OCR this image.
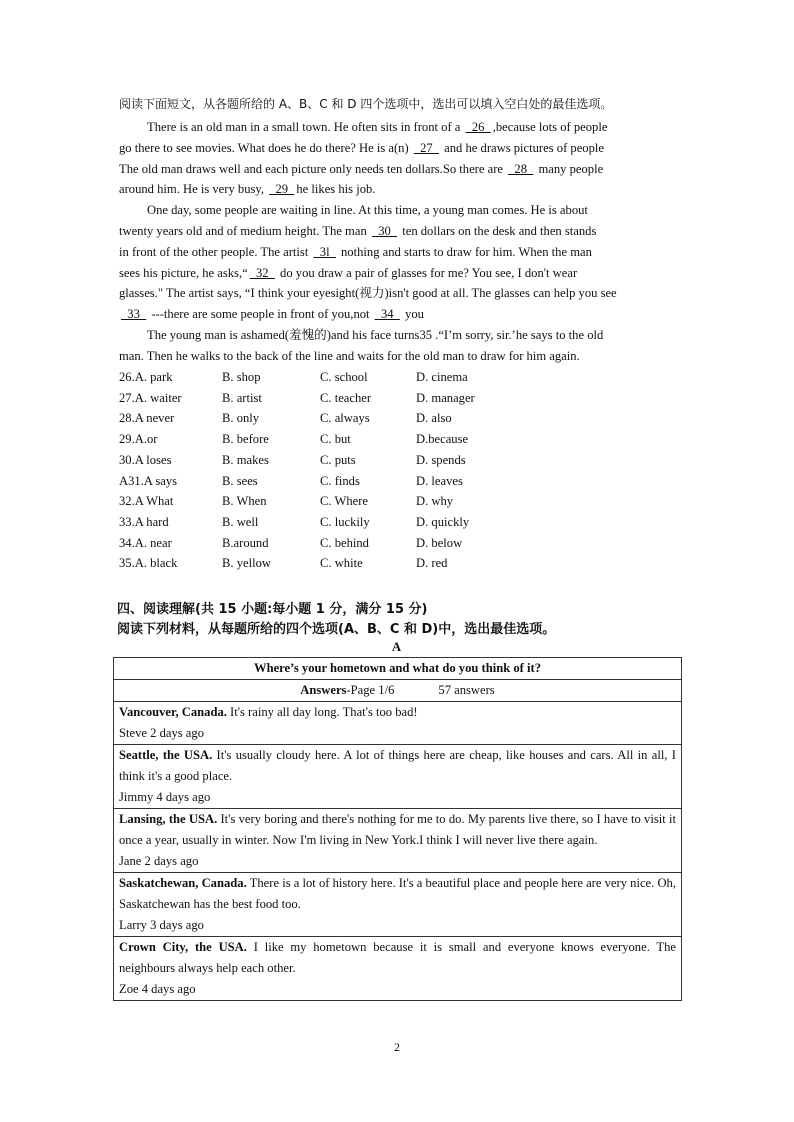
阅读下面短文，从各题所给的 A、B、C 和 D 四个选项中，选出可以填入空白处的最佳选项。
There is an old man in a small town. He often sits in front of a   26  ,because lots of people
go there to see movies. What does he do there? He is a(n)   27   and he draws pictures of people
The old man draws well and each picture only needs ten dollars.So there are   28   many people
around him. He is very busy,   29  he likes his job.
One day, some people are waiting in line. At this time, a young man comes. He is about
twenty years old and of medium height. The man   30   ten dollars on the desk and then stands
in front of the other people. The artist   3l   nothing and starts to draw for him. When the man
sees his picture, he asks,“  32   do you draw a pair of glasses for me? You see, I don't wear
glasses." The artist says, “I think your eyesight(视力)isn't good at all. The glasses can help you see
33   ---there are some people in front of you,not   34   you
The young man is ashamed(羞愧的)and his face turns35 .“I’m sorry, sir.’he says to the old
man. Then he walks to the back of the line and waits for the old man to draw for him again.
26.A. park	B. shop	C. school	D. cinema
27.A. waiter	B. artist	C. teacher	D. manager
28.A never	B. only	C. always	D. also
29.A.or	B. before	C. but	D.because
30.A loses	B. makes	C. puts	D. spends
A31.A says	B. sees	C. finds	D. leaves
32.A What	B. When	C. Where	D. why
33.A hard	B. well	C. luckily	D. quickly
34.A. near	B.around	C. behind	D. below
35.A. black	B. yellow	C. white	D. red
四、阅读理解(共 15 小题:每小题 1 分，满分 15 分)
阅读下列材料，从每题所给的四个选项(A、B、C 和 D)中，选出最佳选项。
A
Where’s your hometown and what do you think of it?
Answers-Page 1/6	57 answers

Vancouver, Canada. It's rainy all day long. That's too bad!
Steve 2 days ago

Seattle, the USA. It's usually cloudy here. A lot of things here are cheap, like houses and cars. All in all, I think it's a good place.
Jimmy 4 days ago

Lansing, the USA. It's very boring and there's nothing for me to do. My parents live there, so I have to visit it once a year, usually in winter. Now I'm living in New York.I think I will never live there again.
Jane 2 days ago

Saskatchewan, Canada. There is a lot of history here. It's a beautiful place and people here are very nice. Oh, Saskatchewan has the best food too.
Larry 3 days ago

Crown City, the USA. I like my hometown because it is small and everyone knows everyone. The neighbours always help each other.
Zoe 4 days ago
2
